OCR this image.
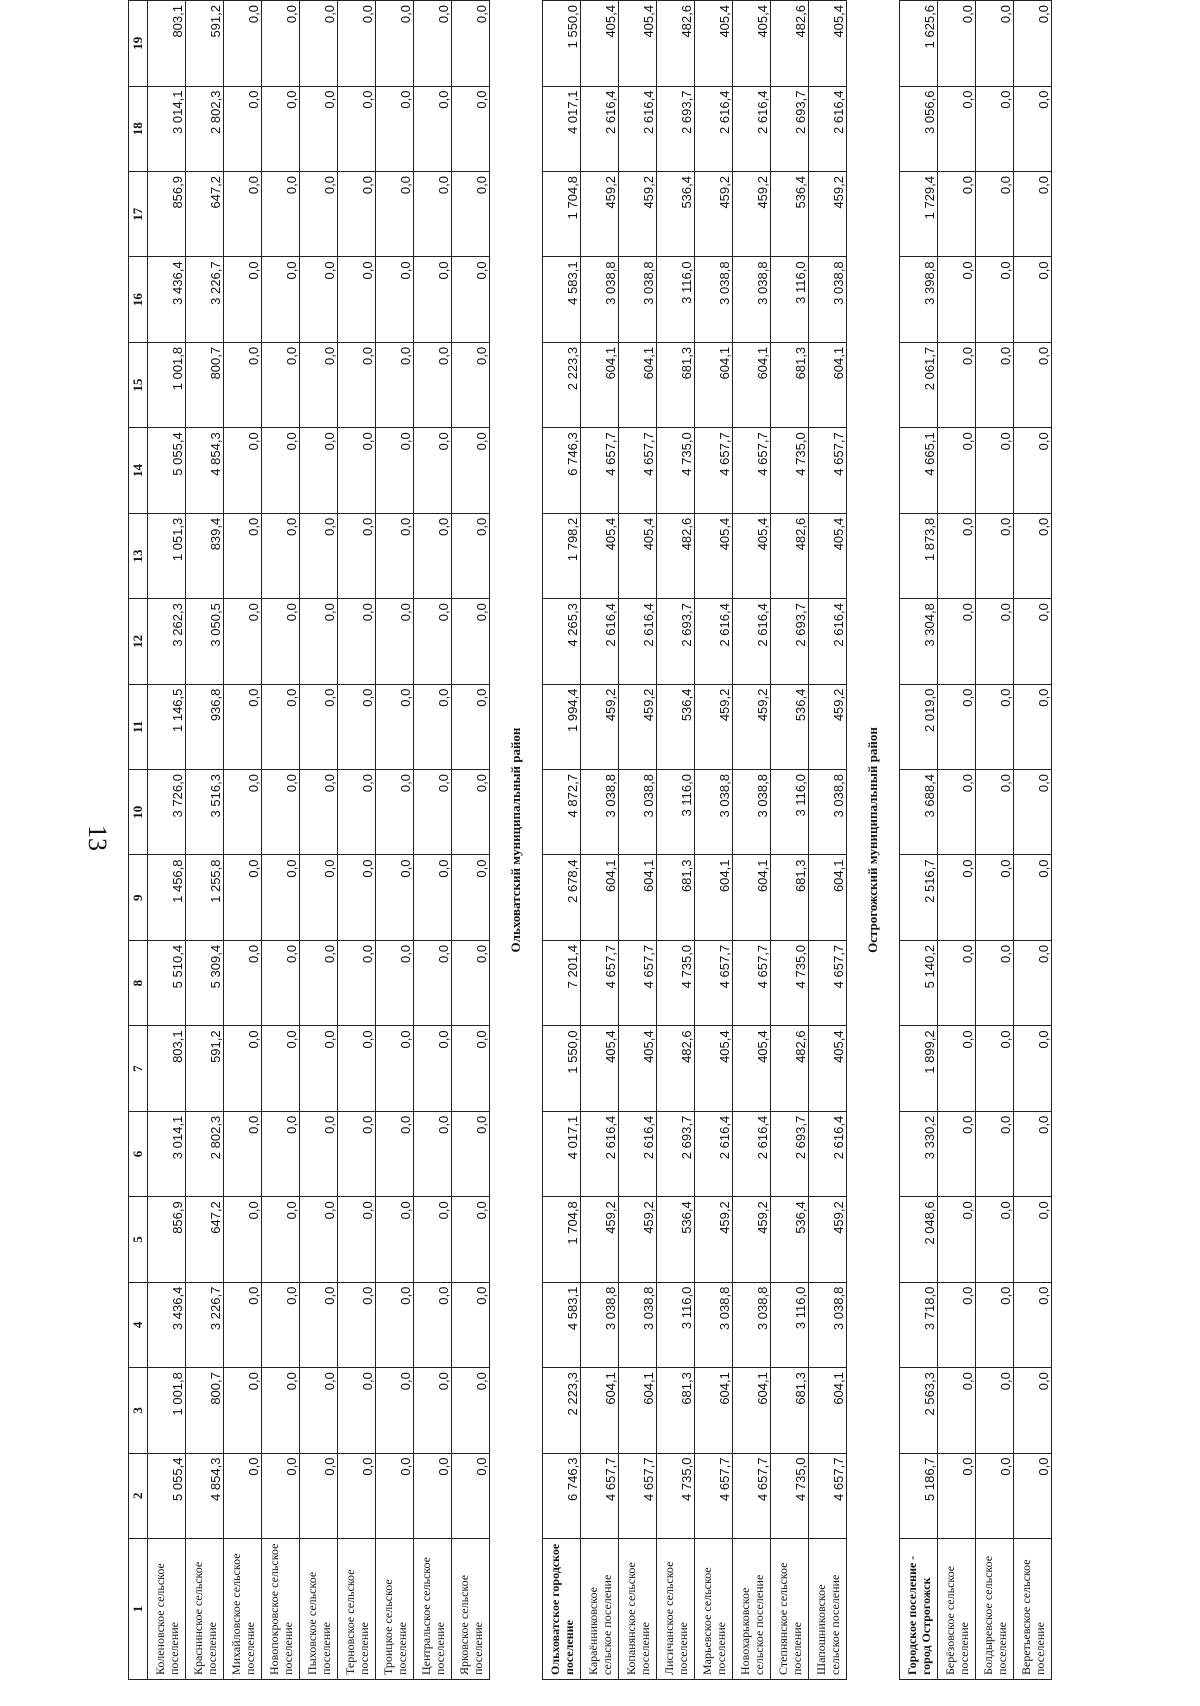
13
1	2	3	4	5	6	7	8	9	10	11	12	13	14	15	16	17	18	19
Коленовское сельское поселение	5 055,4	1 001,8	3 436,4	856,9	3 014,1	803,1	5 510,4	1 456,8	3 726,0	1 146,5	3 262,3	1 051,3	5 055,4	1 001,8	3 436,4	856,9	3 014,1	803,1
Краснинское сельское поселение	4 854,3	800,7	3 226,7	647,2	2 802,3	591,2	5 309,4	1 255,8	3 516,3	936,8	3 050,5	839,4	4 854,3	800,7	3 226,7	647,2	2 802,3	591,2
Михайловское сельское поселение	0,0	0,0	0,0	0,0	0,0	0,0	0,0	0,0	0,0	0,0	0,0	0,0	0,0	0,0	0,0	0,0	0,0	0,0
Новопокровское сельское поселение	0,0	0,0	0,0	0,0	0,0	0,0	0,0	0,0	0,0	0,0	0,0	0,0	0,0	0,0	0,0	0,0	0,0	0,0
Пыховское сельское поселение	0,0	0,0	0,0	0,0	0,0	0,0	0,0	0,0	0,0	0,0	0,0	0,0	0,0	0,0	0,0	0,0	0,0	0,0
Терновское сельское поселение	0,0	0,0	0,0	0,0	0,0	0,0	0,0	0,0	0,0	0,0	0,0	0,0	0,0	0,0	0,0	0,0	0,0	0,0
Троицкое сельское поселение	0,0	0,0	0,0	0,0	0,0	0,0	0,0	0,0	0,0	0,0	0,0	0,0	0,0	0,0	0,0	0,0	0,0	0,0
Центральское сельское поселение	0,0	0,0	0,0	0,0	0,0	0,0	0,0	0,0	0,0	0,0	0,0	0,0	0,0	0,0	0,0	0,0	0,0	0,0
Ярковское сельское поселение	0,0	0,0	0,0	0,0	0,0	0,0	0,0	0,0	0,0	0,0	0,0	0,0	0,0	0,0	0,0	0,0	0,0	0,0
Ольховатский муниципальный район																		
Ольховатское городское поселение	6 746,3	2 223,3	4 583,1	1 704,8	4 017,1	1 550,0	7 201,4	2 678,4	4 872,7	1 994,4	4 265,3	1 798,2	6 746,3	2 223,3	4 583,1	1 704,8	4 017,1	1 550,0
Караённиковское сельское поселение	4 657,7	604,1	3 038,8	459,2	2 616,4	405,4	4 657,7	604,1	3 038,8	459,2	2 616,4	405,4	4 657,7	604,1	3 038,8	459,2	2 616,4	405,4
Копанянское сельское поселение	4 657,7	604,1	3 038,8	459,2	2 616,4	405,4	4 657,7	604,1	3 038,8	459,2	2 616,4	405,4	4 657,7	604,1	3 038,8	459,2	2 616,4	405,4
Лисичанское сельское поселение	4 735,0	681,3	3 116,0	536,4	2 693,7	482,6	4 735,0	681,3	3 116,0	536,4	2 693,7	482,6	4 735,0	681,3	3 116,0	536,4	2 693,7	482,6
Марьевское сельское поселение	4 657,7	604,1	3 038,8	459,2	2 616,4	405,4	4 657,7	604,1	3 038,8	459,2	2 616,4	405,4	4 657,7	604,1	3 038,8	459,2	2 616,4	405,4
Новохарьковское сельское поселение	4 657,7	604,1	3 038,8	459,2	2 616,4	405,4	4 657,7	604,1	3 038,8	459,2	2 616,4	405,4	4 657,7	604,1	3 038,8	459,2	2 616,4	405,4
Степнянское сельское поселение	4 735,0	681,3	3 116,0	536,4	2 693,7	482,6	4 735,0	681,3	3 116,0	536,4	2 693,7	482,6	4 735,0	681,3	3 116,0	536,4	2 693,7	482,6
Шапошниковское сельское поселение	4 657,7	604,1	3 038,8	459,2	2 616,4	405,4	4 657,7	604,1	3 038,8	459,2	2 616,4	405,4	4 657,7	604,1	3 038,8	459,2	2 616,4	405,4
Острогожский муниципальный район																		
Городское поселение - город Острогожск	5 186,7	2 563,3	3 718,0	2 048,6	3 330,2	1 899,2	5 140,2	2 516,7	3 688,4	2 019,0	3 304,8	1 873,8	4 665,1	2 061,7	3 398,8	1 729,4	3 056,6	1 625,6
Берёзовское сельское поселение	0,0	0,0	0,0	0,0	0,0	0,0	0,0	0,0	0,0	0,0	0,0	0,0	0,0	0,0	0,0	0,0	0,0	0,0
Болдыревское сельское поселение	0,0	0,0	0,0	0,0	0,0	0,0	0,0	0,0	0,0	0,0	0,0	0,0	0,0	0,0	0,0	0,0	0,0	0,0
Веретьевское сельское поселение	0,0	0,0	0,0	0,0	0,0	0,0	0,0	0,0	0,0	0,0	0,0	0,0	0,0	0,0	0,0	0,0	0,0	0,0
